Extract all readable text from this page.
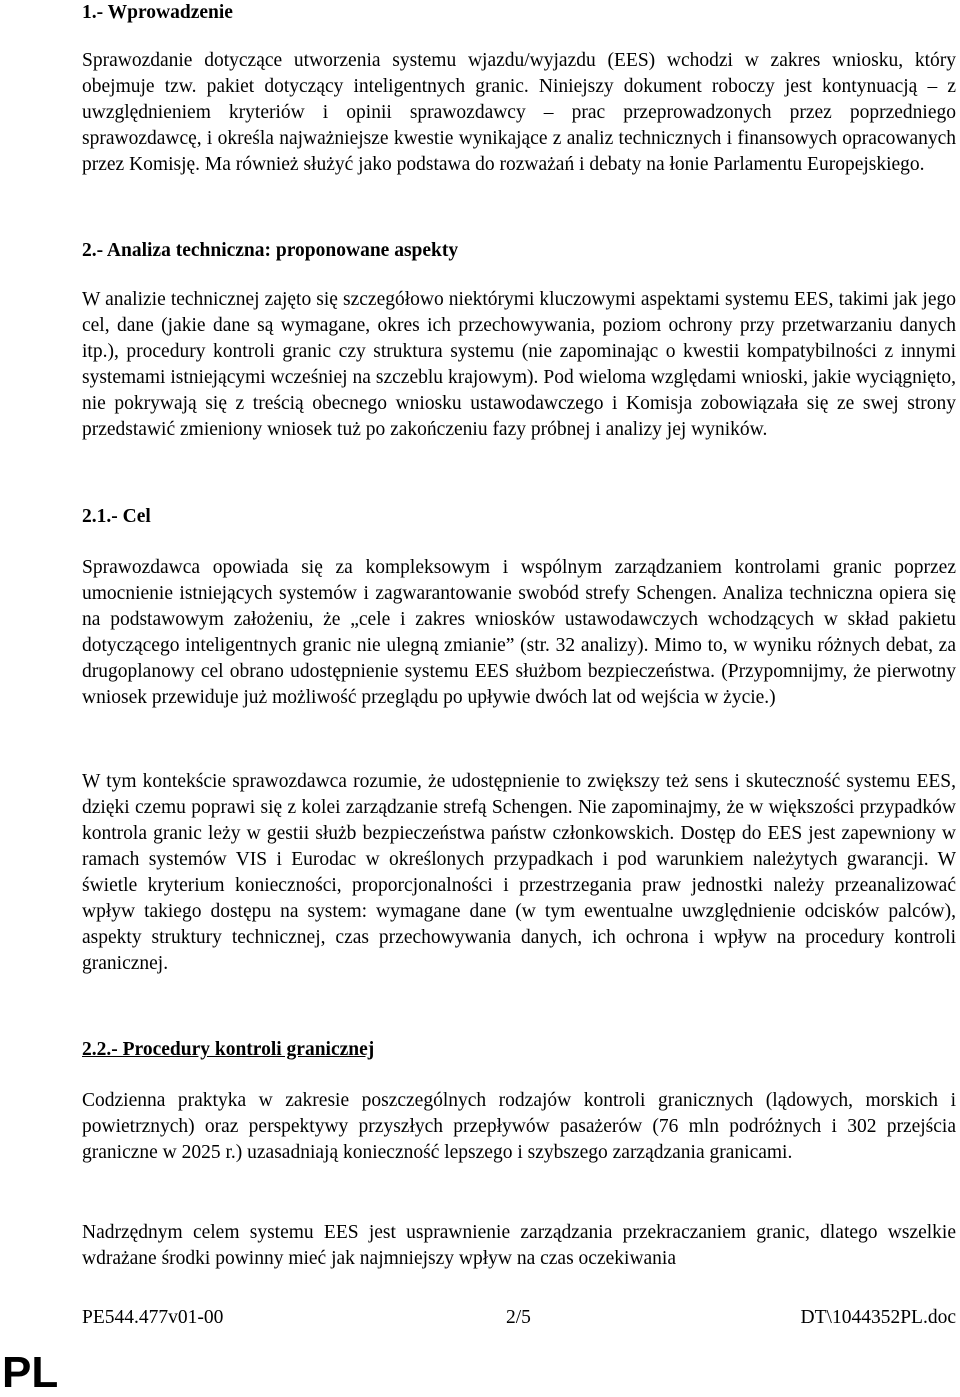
1.- Wprowadzenie

Sprawozdanie dotyczące utworzenia systemu wjazdu/wyjazdu (EES) wchodzi w zakres wniosku, który obejmuje tzw. pakiet dotyczący inteligentnych granic. Niniejszy dokument roboczy jest kontynuacją – z uwzględnieniem kryteriów i opinii sprawozdawcy – prac przeprowadzonych przez poprzedniego sprawozdawcę, i określa najważniejsze kwestie wynikające z analiz technicznych i finansowych opracowanych przez Komisję. Ma również służyć jako podstawa do rozważań i debaty na łonie Parlamentu Europejskiego.

2.- Analiza techniczna: proponowane aspekty

W analizie technicznej zajęto się szczegółowo niektórymi kluczowymi aspektami systemu EES, takimi jak jego cel, dane (jakie dane są wymagane, okres ich przechowywania, poziom ochrony przy przetwarzaniu danych itp.), procedury kontroli granic czy struktura systemu (nie zapominając o kwestii kompatybilności z innymi systemami istniejącymi wcześniej na szczeblu krajowym). Pod wieloma względami wnioski, jakie wyciągnięto, nie pokrywają się z treścią obecnego wniosku ustawodawczego i Komisja zobowiązała się ze swej strony przedstawić zmieniony wniosek tuż po zakończeniu fazy próbnej i analizy jej wyników.

2.1.- Cel

Sprawozdawca opowiada się za kompleksowym i wspólnym zarządzaniem kontrolami granic poprzez umocnienie istniejących systemów i zagwarantowanie swobód strefy Schengen. Analiza techniczna opiera się na podstawowym założeniu, że „cele i zakres wniosków ustawodawczych wchodzących w skład pakietu dotyczącego inteligentnych granic nie ulegną zmianie” (str. 32 analizy). Mimo to, w wyniku różnych debat, za drugoplanowy cel obrano udostępnienie systemu EES służbom bezpieczeństwa. (Przypomnijmy, że pierwotny wniosek przewiduje już możliwość przeglądu po upływie dwóch lat od wejścia w życie.)

W tym kontekście sprawozdawca rozumie, że udostępnienie to zwiększy też sens i skuteczność systemu EES, dzięki czemu poprawi się z kolei zarządzanie strefą Schengen. Nie zapominajmy, że w większości przypadków kontrola granic leży w gestii służb bezpieczeństwa państw członkowskich. Dostęp do EES jest zapewniony w ramach systemów VIS i Eurodac w określonych przypadkach i pod warunkiem należytych gwarancji. W świetle kryterium konieczności, proporcjonalności i przestrzegania praw jednostki należy przeanalizować wpływ takiego dostępu na system: wymagane dane (w tym ewentualne uwzględnienie odcisków palców), aspekty struktury technicznej, czas przechowywania danych, ich ochrona i wpływ na procedury kontroli granicznej.

2.2.- Procedury kontroli granicznej

Codzienna praktyka w zakresie poszczególnych rodzajów kontroli granicznych (lądowych, morskich i powietrznych) oraz perspektywy przyszłych przepływów pasażerów (76 mln podróżnych i 302 przejścia graniczne w 2025 r.) uzasadniają konieczność lepszego i szybszego zarządzania granicami.

Nadrzędnym celem systemu EES jest usprawnienie zarządzania przekraczaniem granic, dlatego wszelkie wdrażane środki powinny mieć jak najmniejszy wpływ na czas oczekiwania

PE544.477v01-00	2/5	DT\1044352PL.doc
PL
